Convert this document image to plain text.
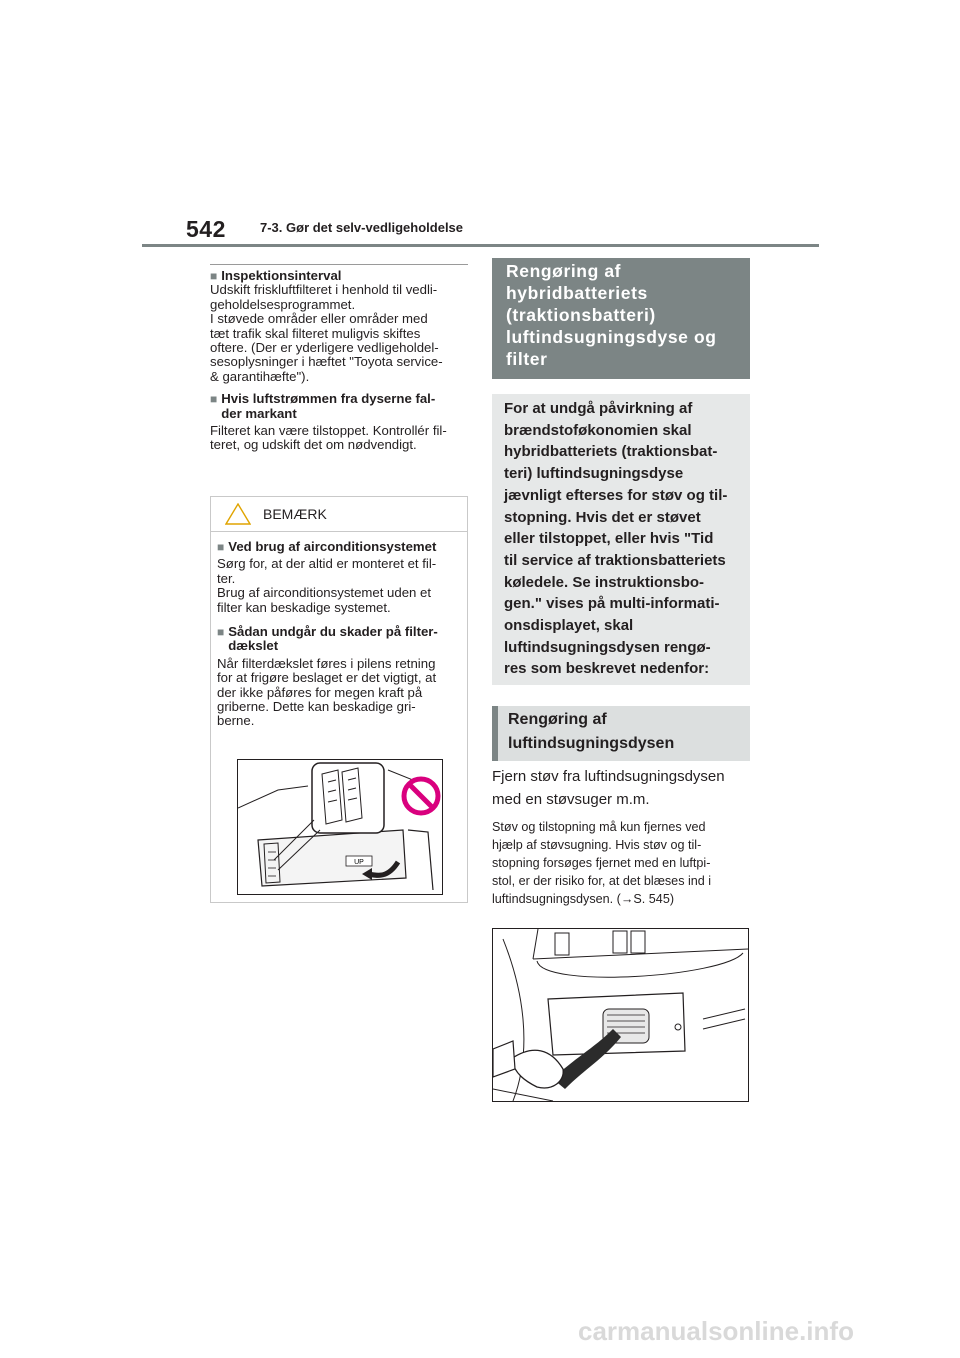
542	7-3. Gør det selv-vedligeholdelse
■ Inspektionsinterval

Udskift friskluftfilteret i henhold til vedli-
geholdelsesprogrammet.
I støvede områder eller områder med
tæt trafik skal filteret muligvis skiftes
oftere. (Der er yderligere vedligeholdel-
sesoplysninger i hæftet "Toyota service-
& garantihæfte").

■ Hvis luftstrømmen fra dyserne fal-
der markant

Filteret kan være tilstoppet. Kontrollér fil-
teret, og udskift det om nødvendigt.

BEMÆRK
■ Ved brug af airconditionsystemet

Sørg for, at der altid er monteret et fil-
ter.
Brug af airconditionsystemet uden et
filter kan beskadige systemet.

■ Sådan undgår du skader på filter-
dækslet

Når filterdækslet føres i pilens retning
for at frigøre beslaget er det vigtigt, at
der ikke påføres for megen kraft på
griberne. Dette kan beskadige gri-
berne.

UP
Rengøring af
hybridbatteriets
(traktionsbatteri)
luftindsugningsdyse og
filter
For at undgå påvirkning af
brændstoføkonomien skal
hybridbatteriets (traktionsbat-
teri) luftindsugningsdyse
jævnligt efterses for støv og til-
stopning. Hvis det er støvet
eller tilstoppet, eller hvis "Tid
til service af traktionsbatteriets
køledele. Se instruktionsbo-
gen." vises på multi-informati-
onsdisplayet, skal
luftindsugningsdysen rengø-
res som beskrevet nedenfor:
Rengøring af
luftindsugningsdysen
Fjern støv fra luftindsugningsdysen
med en støvsuger m.m.
Støv og tilstopning må kun fjernes ved
hjælp af støvsugning. Hvis støv og til-
stopning forsøges fjernet med en luftpi-
stol, er der risiko for, at det blæses ind i
luftindsugningsdysen. (→S. 545)
carmanualsonline.info
